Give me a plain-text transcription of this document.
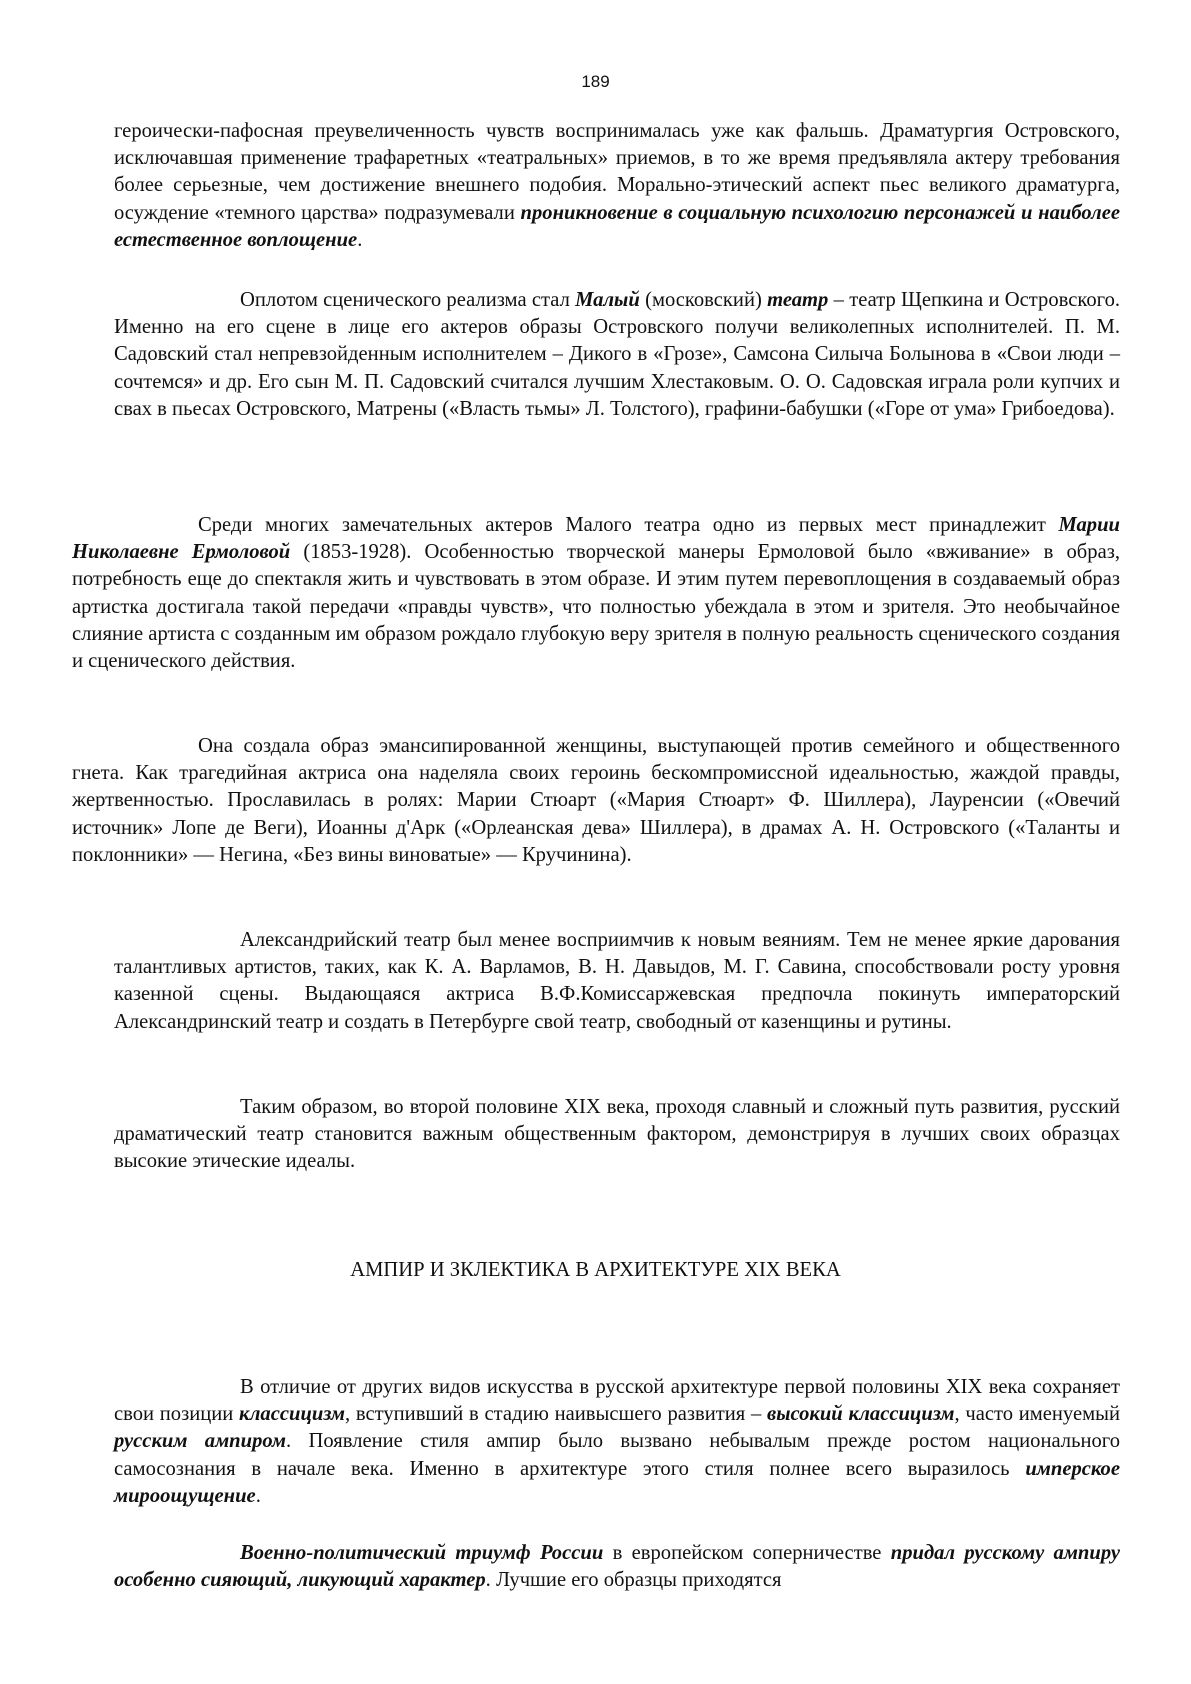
189

героически-пафосная преувеличенность чувств воспринималась уже как фальшь. Драматургия Островского, исключавшая применение трафаретных «театральных» приемов, в то же время предъявляла актеру требования более серьезные, чем достижение внешнего подобия. Морально-этический аспект пьес великого драматурга, осуждение «темного царства» подразумевали проникновение в социальную психологию персонажей и наиболее естественное воплощение.

Оплотом сценического реализма стал Малый (московский) театр – театр Щепкина и Островского. Именно на его сцене в лице его актеров образы Островского получи великолепных исполнителей. П. М. Садовский стал непревзойденным исполнителем – Дикого в «Грозе», Самсона Силыча Болынова в «Свои люди – сочтемся» и др. Его сын М. П. Садовский считался лучшим Хлестаковым. О. О. Садовская играла роли купчих и свах в пьесах Островского, Матрены («Власть тьмы» Л. Толстого), графини-бабушки («Горе от ума» Грибоедова).

Среди многих замечательных актеров Малого театра одно из первых мест принадлежит Марии Николаевне Ермоловой (1853-1928). Особенностью творческой манеры Ермоловой было «вживание» в образ, потребность еще до спектакля жить и чувствовать в этом образе. И этим путем перевоплощения в создаваемый образ артистка достигала такой передачи «правды чувств», что полностью убеждала в этом и зрителя. Это необычайное слияние артиста с созданным им образом рождало глубокую веру зрителя в полную реальность сценического создания и сценического действия.

Она создала образ эмансипированной женщины, выступающей против семейного и общественного гнета. Как трагедийная актриса она наделяла своих героинь бескомпромиссной идеальностью, жаждой правды, жертвенностью. Прославилась в ролях: Марии Стюарт («Мария Стюарт» Ф. Шиллера), Лауренсии («Овечий источник» Лопе де Веги), Иоанны д'Арк («Орлеанская дева» Шиллера), в драмах А. Н. Островского («Таланты и поклонники» — Негина, «Без вины виноватые» — Кручинина).

Александрийский театр был менее восприимчив к новым веяниям. Тем не менее яркие дарования талантливых артистов, таких, как К. А. Варламов, В. Н. Давыдов, М. Г. Савина, способствовали росту уровня казенной сцены. Выдающаяся актриса В.Ф.Комиссаржевская предпочла покинуть императорский Александринский театр и создать в Петербурге свой театр, свободный от казенщины и рутины.

Таким образом, во второй половине XIX века, проходя славный и сложный путь развития, русский драматический театр становится важным общественным фактором, демонстрируя в лучших своих образцах высокие этические идеалы.

АМПИР И ЗКЛЕКТИКА В АРХИТЕКТУРЕ XIX ВЕКА

В отличие от других видов искусства в русской архитектуре первой половины XIX века сохраняет свои позиции классицизм, вступивший в стадию наивысшего развития – высокий классицизм, часто именуемый русским ампиром. Появление стиля ампир было вызвано небывалым прежде ростом национального самосознания в начале века. Именно в архитектуре этого стиля полнее всего выразилось имперское мироощущение.

Военно-политический триумф России в европейском соперничестве придал русскому ампиру особенно сияющий, ликующий характер. Лучшие его образцы приходятся
